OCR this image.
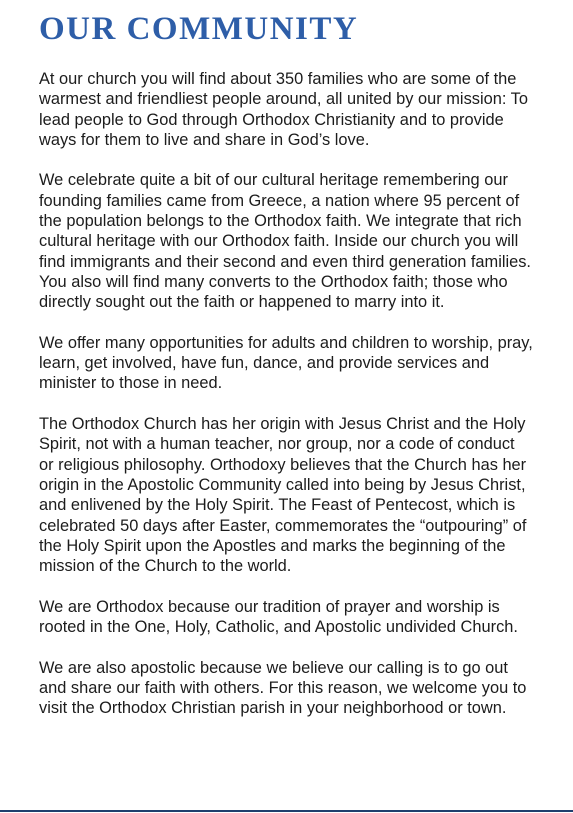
OUR COMMUNITY

At our church you will find about 350 families who are some of the warmest and friendliest people around, all united by our mission: To lead people to God through Orthodox Christianity and to provide ways for them to live and share in God’s love.

We celebrate quite a bit of our cultural heritage remembering our founding families came from Greece, a nation where 95 percent of the population belongs to the Orthodox faith. We integrate that rich cultural heritage with our Orthodox faith. Inside our church you will find immigrants and their second and even third generation families. You also will find many converts to the Orthodox faith; those who directly sought out the faith or happened to marry into it.

We offer many opportunities for adults and children to worship, pray, learn, get involved, have fun, dance, and provide services and minister to those in need.

The Orthodox Church has her origin with Jesus Christ and the Holy Spirit, not with a human teacher, nor group, nor a code of conduct or religious philosophy. Orthodoxy believes that the Church has her origin in the Apostolic Community called into being by Jesus Christ, and enlivened by the Holy Spirit. The Feast of Pentecost, which is celebrated 50 days after Easter, commemorates the “outpouring” of the Holy Spirit upon the Apostles and marks the beginning of the mission of the Church to the world.

We are Orthodox because our tradition of prayer and worship is rooted in the One, Holy, Catholic, and Apostolic undivided Church.

We are also apostolic because we believe our calling is to go out and share our faith with others. For this reason, we welcome you to visit the Orthodox Christian parish in your neighborhood or town.
